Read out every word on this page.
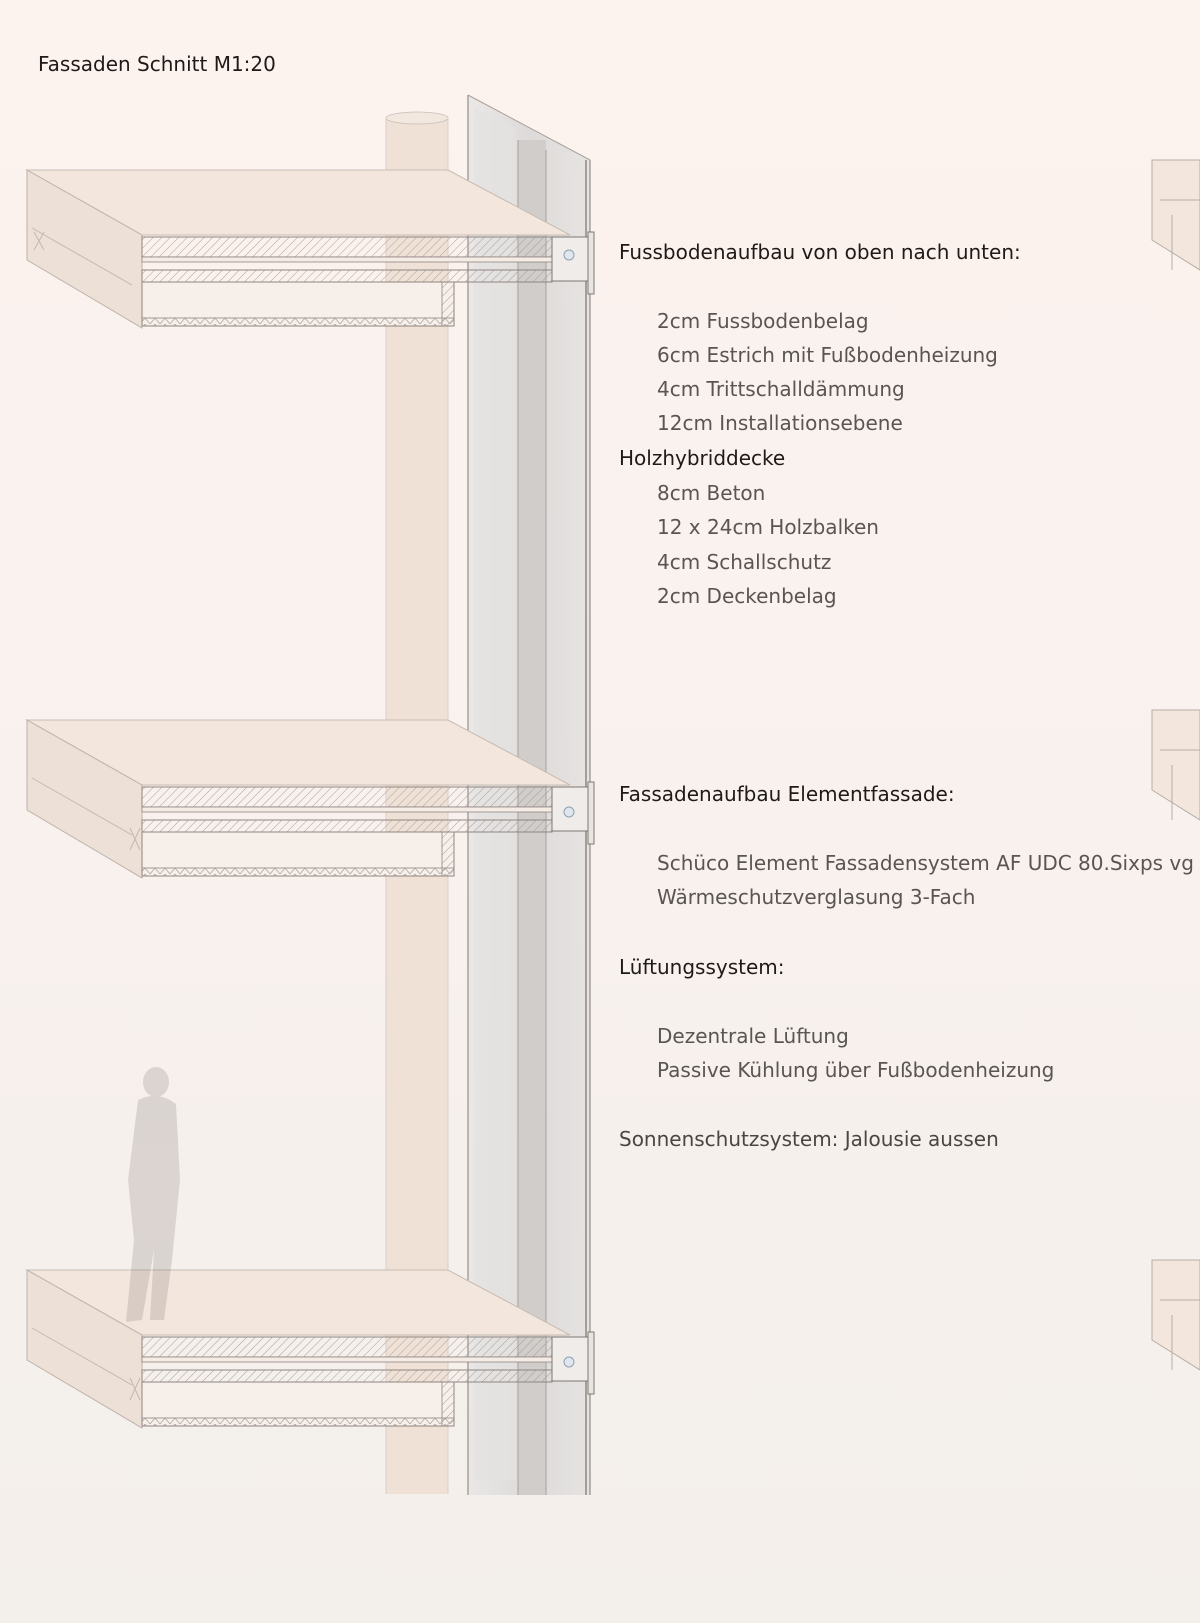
Fassaden Schnitt M1:20
Fussbodenaufbau von oben nach unten:
2cm Fussbodenbelag
6cm Estrich mit Fußbodenheizung
4cm Trittschalldämmung
12cm Installationsebene
Holzhybriddecke
8cm Beton
12 x 24cm Holzbalken
4cm Schallschutz
2cm Deckenbelag
Fassadenaufbau Elementfassade:
Schüco Element Fassadensystem AF UDC 80.Sixps vg
Wärmeschutzverglasung 3-Fach
Lüftungssystem:
Dezentrale Lüftung
Passive Kühlung über Fußbodenheizung
Sonnenschutzsystem: Jalousie aussen
